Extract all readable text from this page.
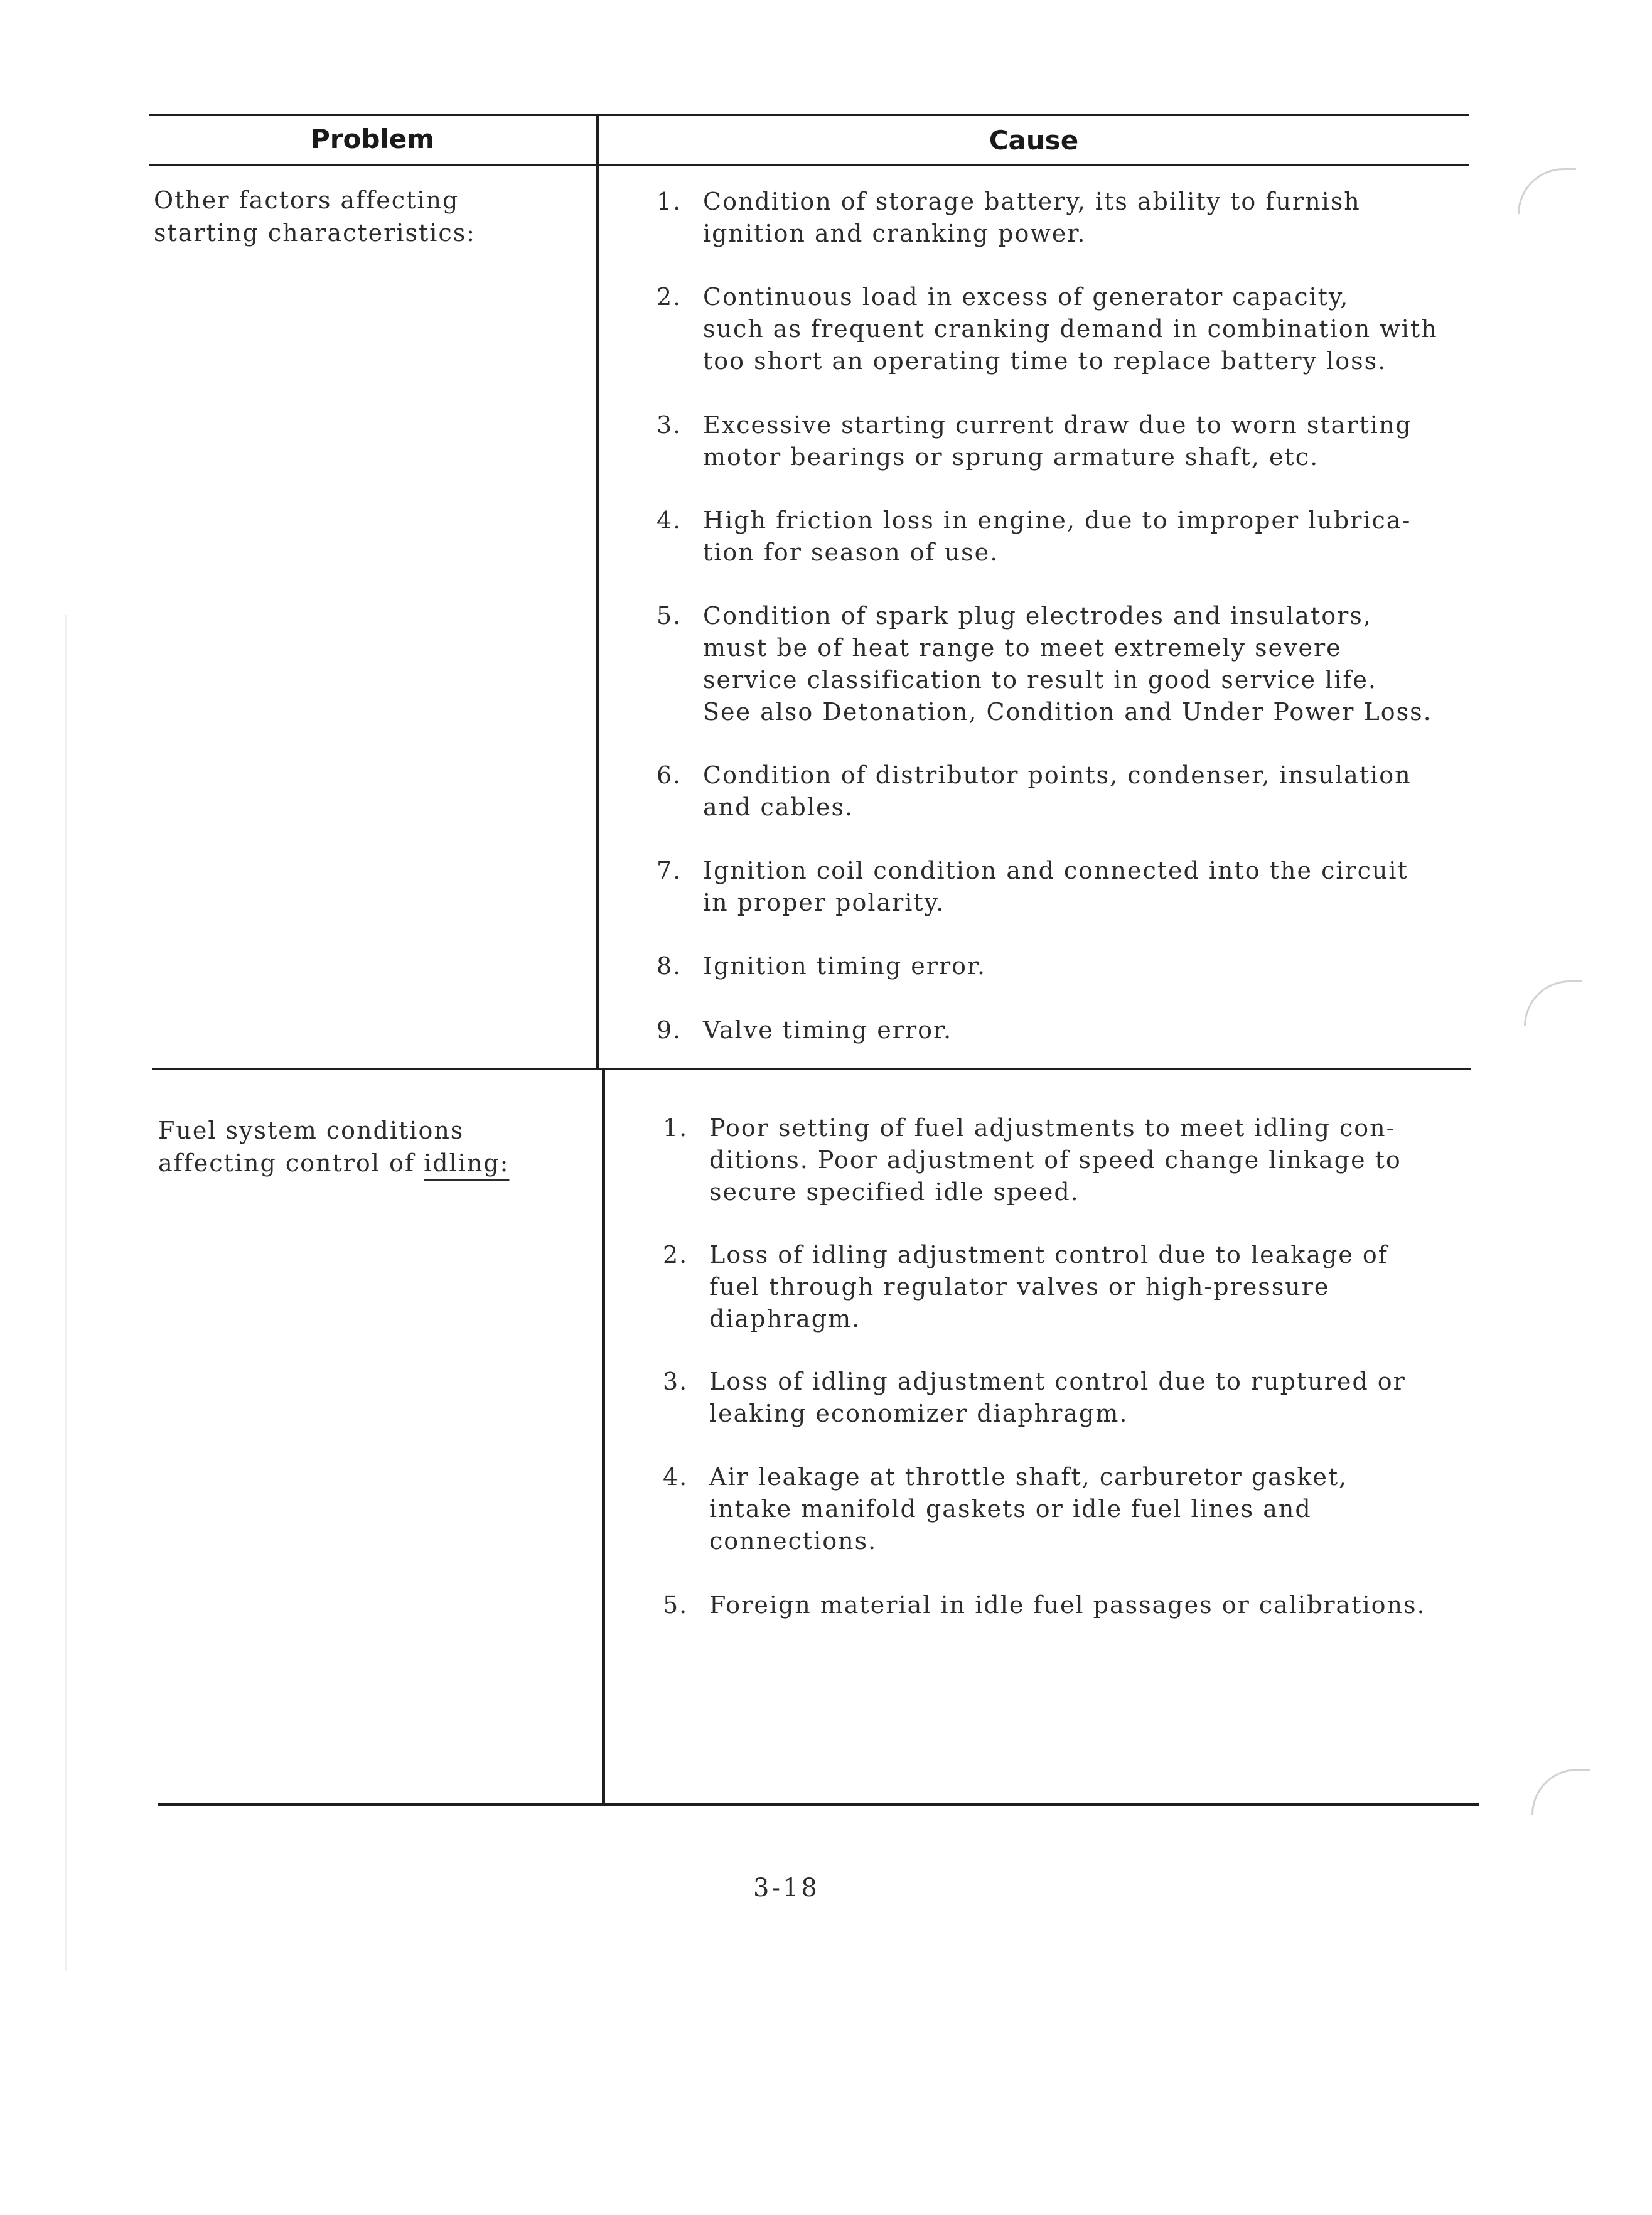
Problem	Cause
Other factors affecting
starting characteristics:
1. Condition of storage battery, its ability to furnish
ignition and cranking power.
2. Continuous load in excess of generator capacity,
such as frequent cranking demand in combination with
too short an operating time to replace battery loss.
3. Excessive starting current draw due to worn starting
motor bearings or sprung armature shaft, etc.
4. High friction loss in engine, due to improper lubrica-
tion for season of use.
5. Condition of spark plug electrodes and insulators,
must be of heat range to meet extremely severe
service classification to result in good service life.
See also Detonation, Condition and Under Power Loss.
6. Condition of distributor points, condenser, insulation
and cables.
7. Ignition coil condition and connected into the circuit
in proper polarity.
8. Ignition timing error.
9. Valve timing error.
Fuel system conditions
affecting control of idling:
1. Poor setting of fuel adjustments to meet idling con-
ditions. Poor adjustment of speed change linkage to
secure specified idle speed.
2. Loss of idling adjustment control due to leakage of
fuel through regulator valves or high-pressure
diaphragm.
3. Loss of idling adjustment control due to ruptured or
leaking economizer diaphragm.
4. Air leakage at throttle shaft, carburetor gasket,
intake manifold gaskets or idle fuel lines and
connections.
5. Foreign material in idle fuel passages or calibrations.
3-18
